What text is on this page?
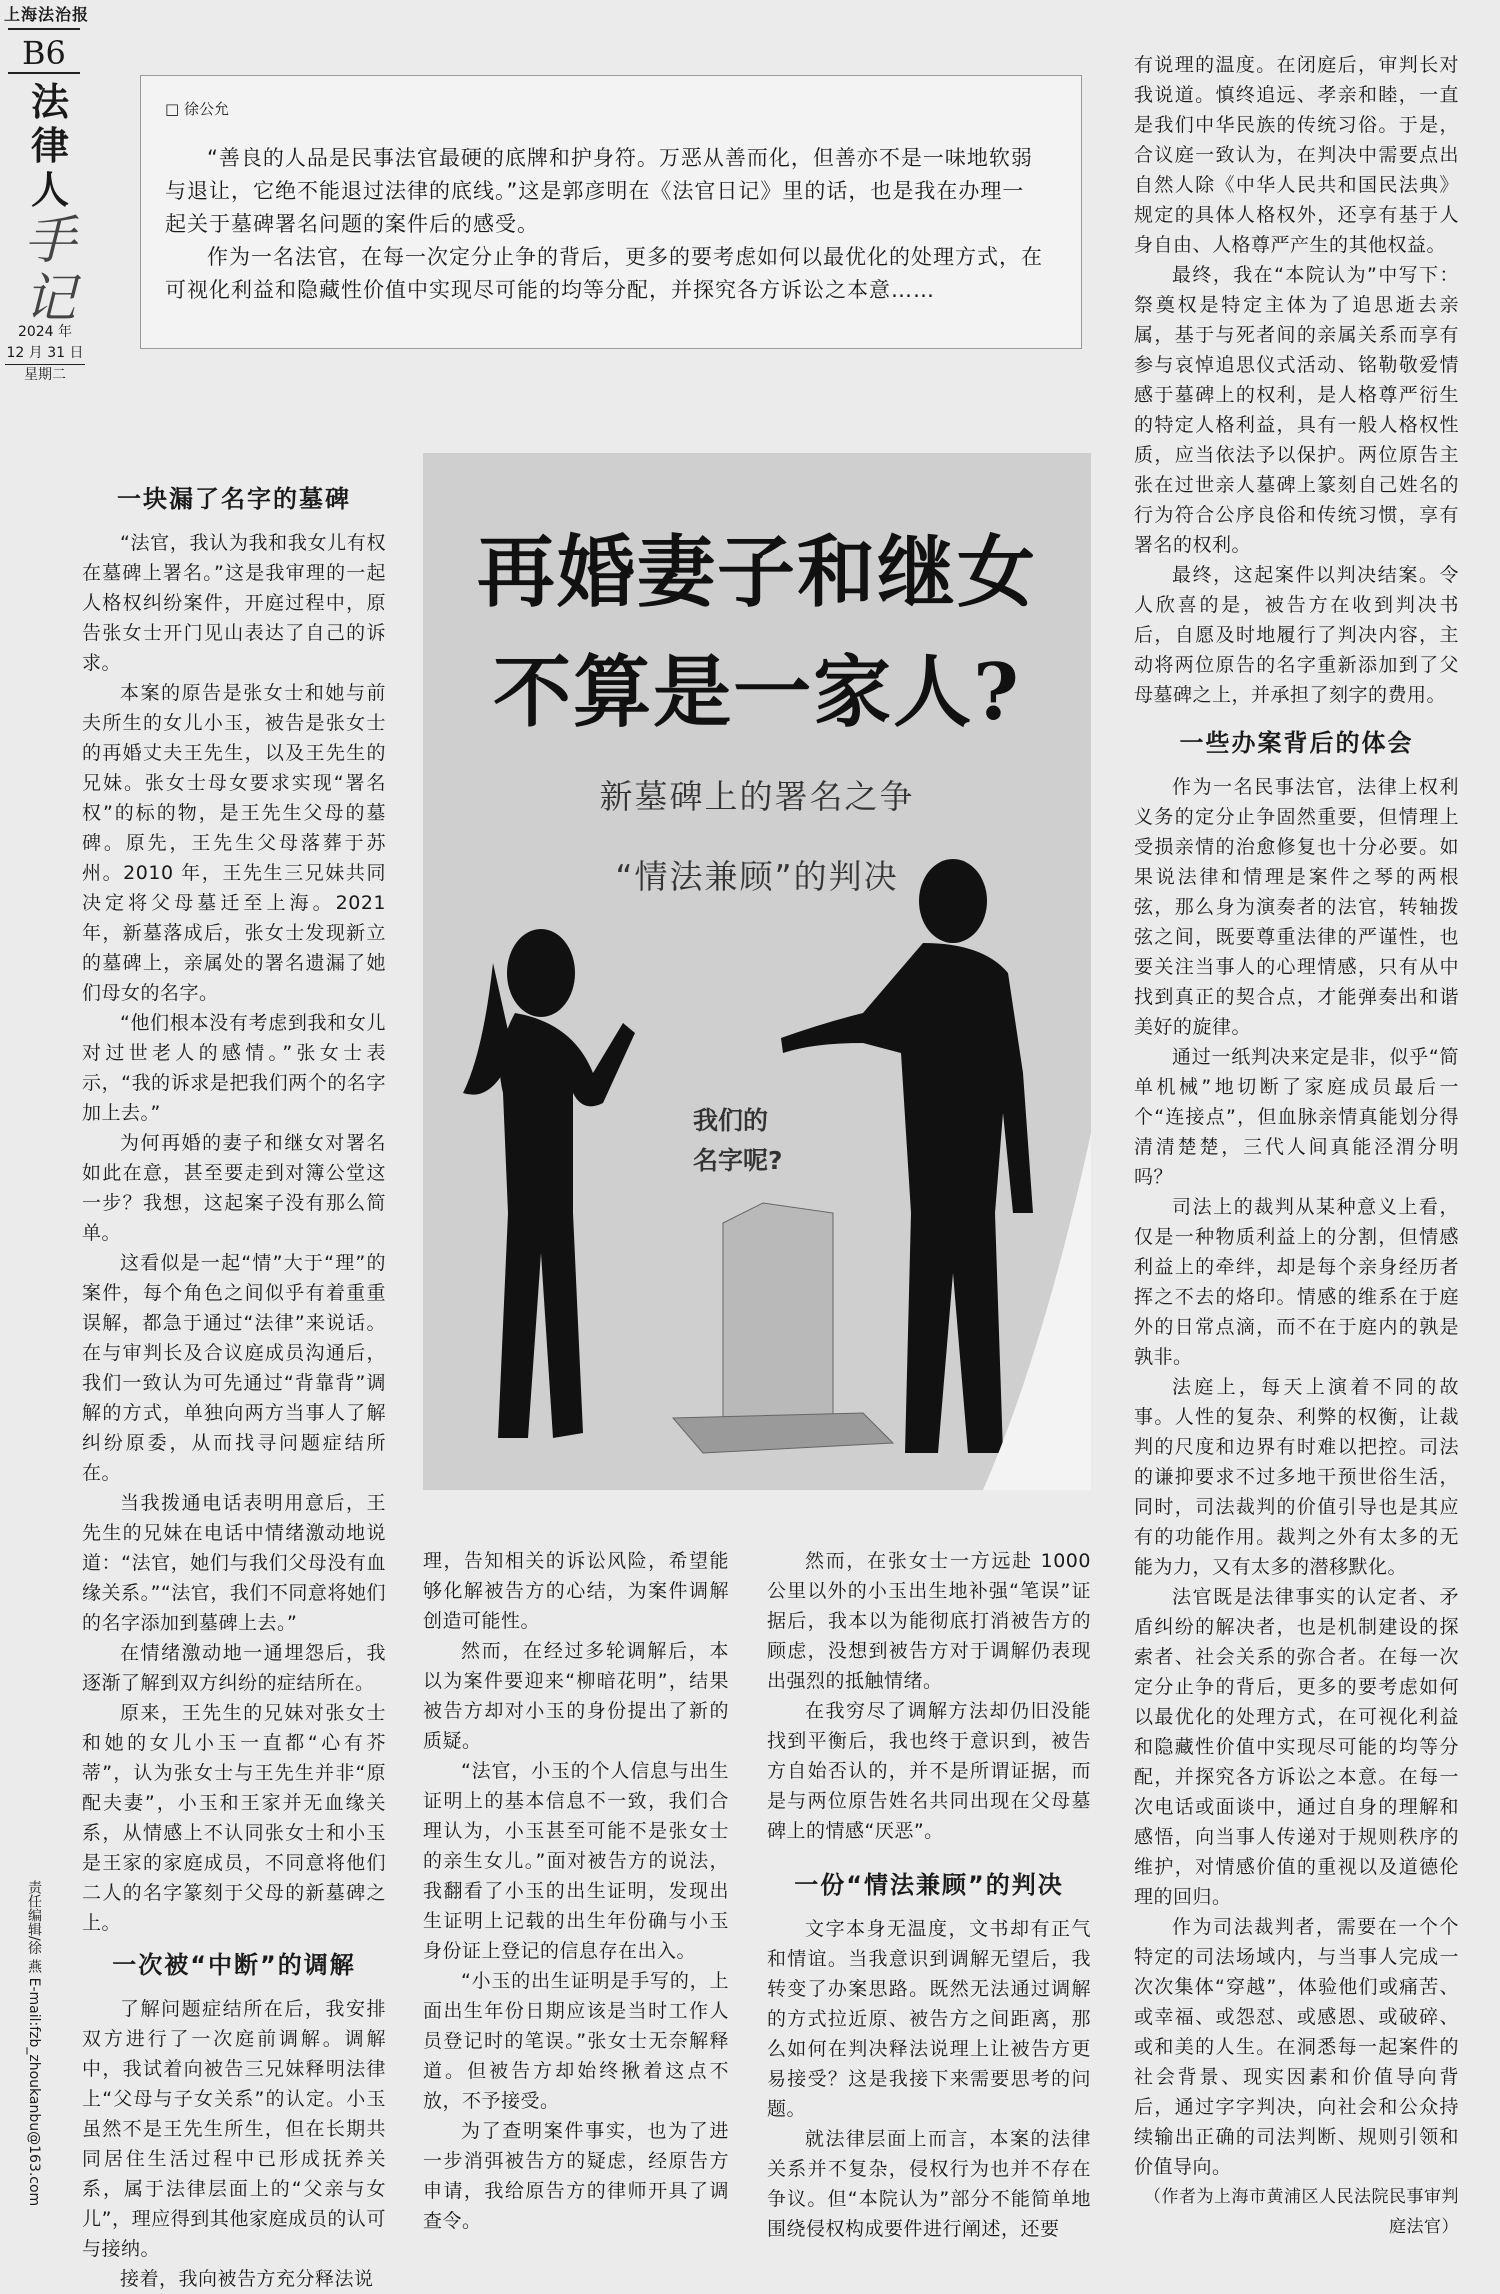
上海法治报
B6
法
律
人
手
记
2024 年
12 月 31 日
星期二
责任编辑/徐 燕 E-mail:fzb_zhoukanbu@163.com
□ 徐公允

“善良的人品是民事法官最硬的底牌和护身符。万恶从善而化，但善亦不是一味地软弱与退让，它绝不能退过法律的底线。”这是郭彦明在《法官日记》里的话，也是我在办理一起关于墓碑署名问题的案件后的感受。

作为一名法官，在每一次定分止争的背后，更多的要考虑如何以最优化的处理方式，在可视化利益和隐藏性价值中实现尽可能的均等分配，并探究各方诉讼之本意……

一块漏了名字的墓碑

“法官，我认为我和我女儿有权在墓碑上署名。”这是我审理的一起人格权纠纷案件，开庭过程中，原告张女士开门见山表达了自己的诉求。

本案的原告是张女士和她与前夫所生的女儿小玉，被告是张女士的再婚丈夫王先生，以及王先生的兄妹。张女士母女要求实现“署名权”的标的物，是王先生父母的墓碑。原先，王先生父母落葬于苏州。2010 年，王先生三兄妹共同决定将父母墓迁至上海。2021 年，新墓落成后，张女士发现新立的墓碑上，亲属处的署名遗漏了她们母女的名字。

“他们根本没有考虑到我和女儿对过世老人的感情。”张女士表示，“我的诉求是把我们两个的名字加上去。”

为何再婚的妻子和继女对署名如此在意，甚至要走到对簿公堂这一步？我想，这起案子没有那么简单。

这看似是一起“情”大于“理”的案件，每个角色之间似乎有着重重误解，都急于通过“法律”来说话。在与审判长及合议庭成员沟通后，我们一致认为可先通过“背靠背”调解的方式，单独向两方当事人了解纠纷原委，从而找寻问题症结所在。

当我拨通电话表明用意后，王先生的兄妹在电话中情绪激动地说道：“法官，她们与我们父母没有血缘关系。”“法官，我们不同意将她们的名字添加到墓碑上去。”

在情绪激动地一通埋怨后，我逐渐了解到双方纠纷的症结所在。

原来，王先生的兄妹对张女士和她的女儿小玉一直都“心有芥蒂”，认为张女士与王先生并非“原配夫妻”，小玉和王家并无血缘关系，从情感上不认同张女士和小玉是王家的家庭成员，不同意将他们二人的名字篆刻于父母的新墓碑之上。

一次被“中断”的调解

了解问题症结所在后，我安排双方进行了一次庭前调解。调解中，我试着向被告三兄妹释明法律上“父母与子女关系”的认定。小玉虽然不是王先生所生，但在长期共同居住生活过程中已形成抚养关系，属于法律层面上的“父亲与女儿”，理应得到其他家庭成员的认可与接纳。

接着，我向被告方充分释法说

再婚妻子和继女
不算是一家人?
新墓碑上的署名之争
“情法兼顾”的判决
我们的
名字呢?

理，告知相关的诉讼风险，希望能够化解被告方的心结，为案件调解创造可能性。

然而，在经过多轮调解后，本以为案件要迎来“柳暗花明”，结果被告方却对小玉的身份提出了新的质疑。

“法官，小玉的个人信息与出生证明上的基本信息不一致，我们合理认为，小玉甚至可能不是张女士的亲生女儿。”面对被告方的说法，我翻看了小玉的出生证明，发现出生证明上记载的出生年份确与小玉身份证上登记的信息存在出入。

“小玉的出生证明是手写的，上面出生年份日期应该是当时工作人员登记时的笔误。”张女士无奈解释道。但被告方却始终揪着这点不放，不予接受。

为了查明案件事实，也为了进一步消弭被告方的疑虑，经原告方申请，我给原告方的律师开具了调查令。

然而，在张女士一方远赴 1000 公里以外的小玉出生地补强“笔误”证据后，我本以为能彻底打消被告方的顾虑，没想到被告方对于调解仍表现出强烈的抵触情绪。

在我穷尽了调解方法却仍旧没能找到平衡后，我也终于意识到，被告方自始否认的，并不是所谓证据，而是与两位原告姓名共同出现在父母墓碑上的情感“厌恶”。

一份“情法兼顾”的判决

文字本身无温度，文书却有正气和情谊。当我意识到调解无望后，我转变了办案思路。既然无法通过调解的方式拉近原、被告方之间距离，那么如何在判决释法说理上让被告方更易接受？这是我接下来需要思考的问题。

就法律层面上而言，本案的法律关系并不复杂，侵权行为也并不存在争议。但“本院认为”部分不能简单地围绕侵权构成要件进行阐述，还要

有说理的温度。在闭庭后，审判长对我说道。慎终追远、孝亲和睦，一直是我们中华民族的传统习俗。于是，合议庭一致认为，在判决中需要点出自然人除《中华人民共和国民法典》规定的具体人格权外，还享有基于人身自由、人格尊严产生的其他权益。

最终，我在“本院认为”中写下：祭奠权是特定主体为了追思逝去亲属，基于与死者间的亲属关系而享有参与哀悼追思仪式活动、铭勒敬爱情感于墓碑上的权利，是人格尊严衍生的特定人格利益，具有一般人格权性质，应当依法予以保护。两位原告主张在过世亲人墓碑上篆刻自己姓名的行为符合公序良俗和传统习惯，享有署名的权利。

最终，这起案件以判决结案。令人欣喜的是，被告方在收到判决书后，自愿及时地履行了判决内容，主动将两位原告的名字重新添加到了父母墓碑之上，并承担了刻字的费用。

一些办案背后的体会

作为一名民事法官，法律上权利义务的定分止争固然重要，但情理上受损亲情的治愈修复也十分必要。如果说法律和情理是案件之琴的两根弦，那么身为演奏者的法官，转轴拨弦之间，既要尊重法律的严谨性，也要关注当事人的心理情感，只有从中找到真正的契合点，才能弹奏出和谐美好的旋律。

通过一纸判决来定是非，似乎“简单机械”地切断了家庭成员最后一个“连接点”，但血脉亲情真能划分得清清楚楚，三代人间真能泾渭分明吗？

司法上的裁判从某种意义上看，仅是一种物质利益上的分割，但情感利益上的牵绊，却是每个亲身经历者挥之不去的烙印。情感的维系在于庭外的日常点滴，而不在于庭内的孰是孰非。

法庭上，每天上演着不同的故事。人性的复杂、利弊的权衡，让裁判的尺度和边界有时难以把控。司法的谦抑要求不过多地干预世俗生活，同时，司法裁判的价值引导也是其应有的功能作用。裁判之外有太多的无能为力，又有太多的潜移默化。

法官既是法律事实的认定者、矛盾纠纷的解决者，也是机制建设的探索者、社会关系的弥合者。在每一次定分止争的背后，更多的要考虑如何以最优化的处理方式，在可视化利益和隐藏性价值中实现尽可能的均等分配，并探究各方诉讼之本意。在每一次电话或面谈中，通过自身的理解和感悟，向当事人传递对于规则秩序的维护，对情感价值的重视以及道德伦理的回归。

作为司法裁判者，需要在一个个特定的司法场域内，与当事人完成一次次集体“穿越”，体验他们或痛苦、或幸福、或怨怼、或感恩、或破碎、或和美的人生。在洞悉每一起案件的社会背景、现实因素和价值导向背后，通过字字判决，向社会和公众持续输出正确的司法判断、规则引领和价值导向。

（作者为上海市黄浦区人民法院民事审判庭法官）
